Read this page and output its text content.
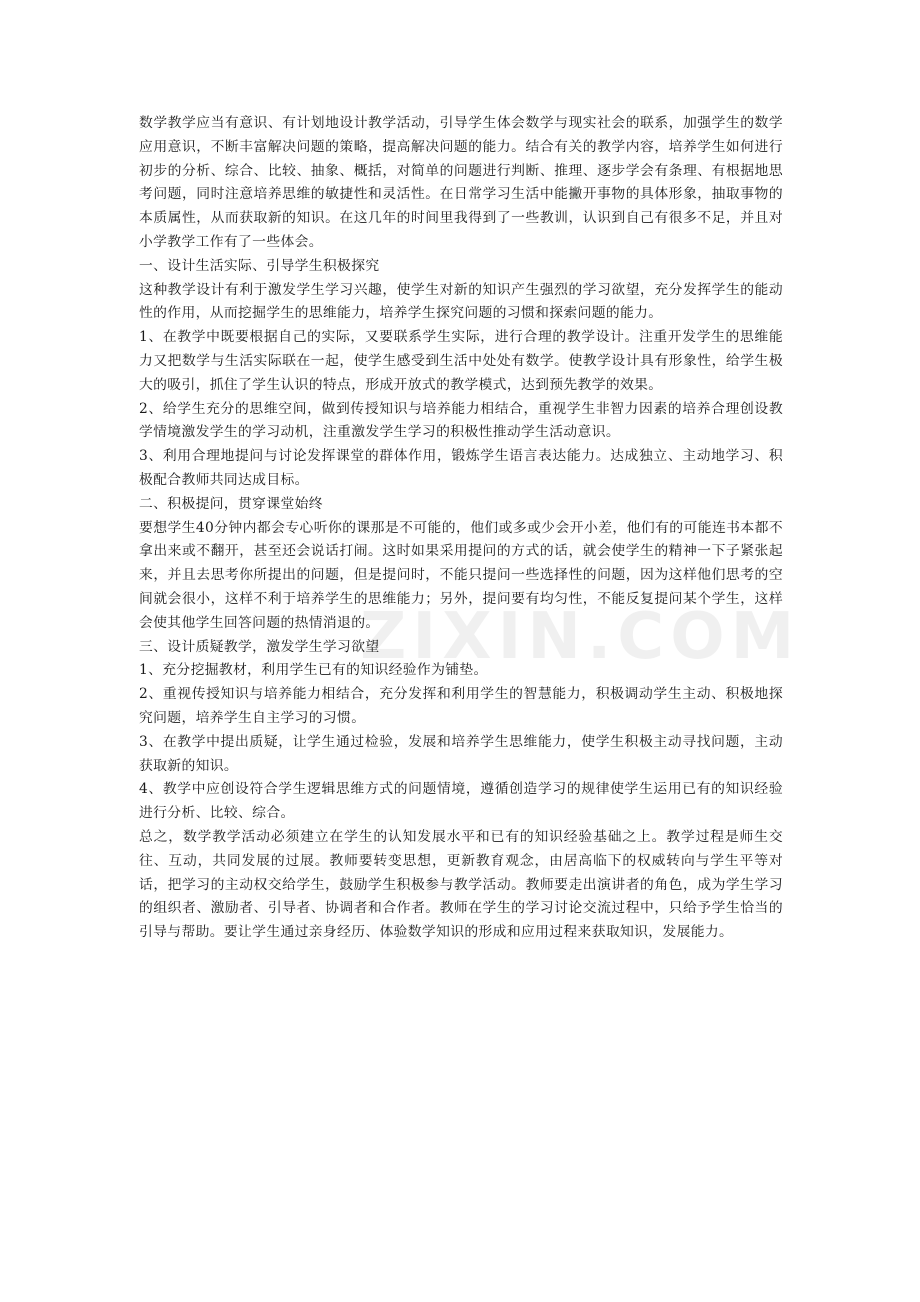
ZIXIN.COM

数学教学应当有意识、有计划地设计教学活动，引导学生体会数学与现实社会的联系，加强学生的数学应用意识，不断丰富解决问题的策略，提高解决问题的能力。结合有关的教学内容，培养学生如何进行初步的分析、综合、比较、抽象、概括，对简单的问题进行判断、推理、逐步学会有条理、有根据地思考问题，同时注意培养思维的敏捷性和灵活性。在日常学习生活中能撇开事物的具体形象，抽取事物的本质属性，从而获取新的知识。在这几年的时间里我得到了一些教训，认识到自己有很多不足，并且对小学教学工作有了一些体会。

一、设计生活实际、引导学生积极探究

这种教学设计有利于激发学生学习兴趣，使学生对新的知识产生强烈的学习欲望，充分发挥学生的能动性的作用，从而挖掘学生的思维能力，培养学生探究问题的习惯和探索问题的能力。

1、在教学中既要根据自己的实际，又要联系学生实际，进行合理的教学设计。注重开发学生的思维能力又把数学与生活实际联在一起，使学生感受到生活中处处有数学。使教学设计具有形象性，给学生极大的吸引，抓住了学生认识的特点，形成开放式的教学模式，达到预先教学的效果。

2、给学生充分的思维空间，做到传授知识与培养能力相结合，重视学生非智力因素的培养合理创设教学情境激发学生的学习动机，注重激发学生学习的积极性推动学生活动意识。

3、利用合理地提问与讨论发挥课堂的群体作用，锻炼学生语言表达能力。达成独立、主动地学习、积极配合教师共同达成目标。

二、积极提问，贯穿课堂始终

要想学生40分钟内都会专心听你的课那是不可能的，他们或多或少会开小差，他们有的可能连书本都不拿出来或不翻开，甚至还会说话打闹。这时如果采用提问的方式的话，就会使学生的精神一下子紧张起来，并且去思考你所提出的问题，但是提问时，不能只提问一些选择性的问题，因为这样他们思考的空间就会很小，这样不利于培养学生的思维能力；另外，提问要有均匀性，不能反复提问某个学生，这样会使其他学生回答问题的热情消退的。

三、设计质疑教学，激发学生学习欲望

1、充分挖掘教材，利用学生已有的知识经验作为铺垫。

2、重视传授知识与培养能力相结合，充分发挥和利用学生的智慧能力，积极调动学生主动、积极地探究问题，培养学生自主学习的习惯。

3、在教学中提出质疑，让学生通过检验，发展和培养学生思维能力，使学生积极主动寻找问题，主动获取新的知识。

4、教学中应创设符合学生逻辑思维方式的问题情境，遵循创造学习的规律使学生运用已有的知识经验进行分析、比较、综合。

总之，数学教学活动必须建立在学生的认知发展水平和已有的知识经验基础之上。教学过程是师生交往、互动，共同发展的过展。教师要转变思想，更新教育观念，由居高临下的权威转向与学生平等对话，把学习的主动权交给学生，鼓励学生积极参与教学活动。教师要走出演讲者的角色，成为学生学习的组织者、激励者、引导者、协调者和合作者。教师在学生的学习讨论交流过程中，只给予学生恰当的引导与帮助。要让学生通过亲身经历、体验数学知识的形成和应用过程来获取知识，发展能力。
